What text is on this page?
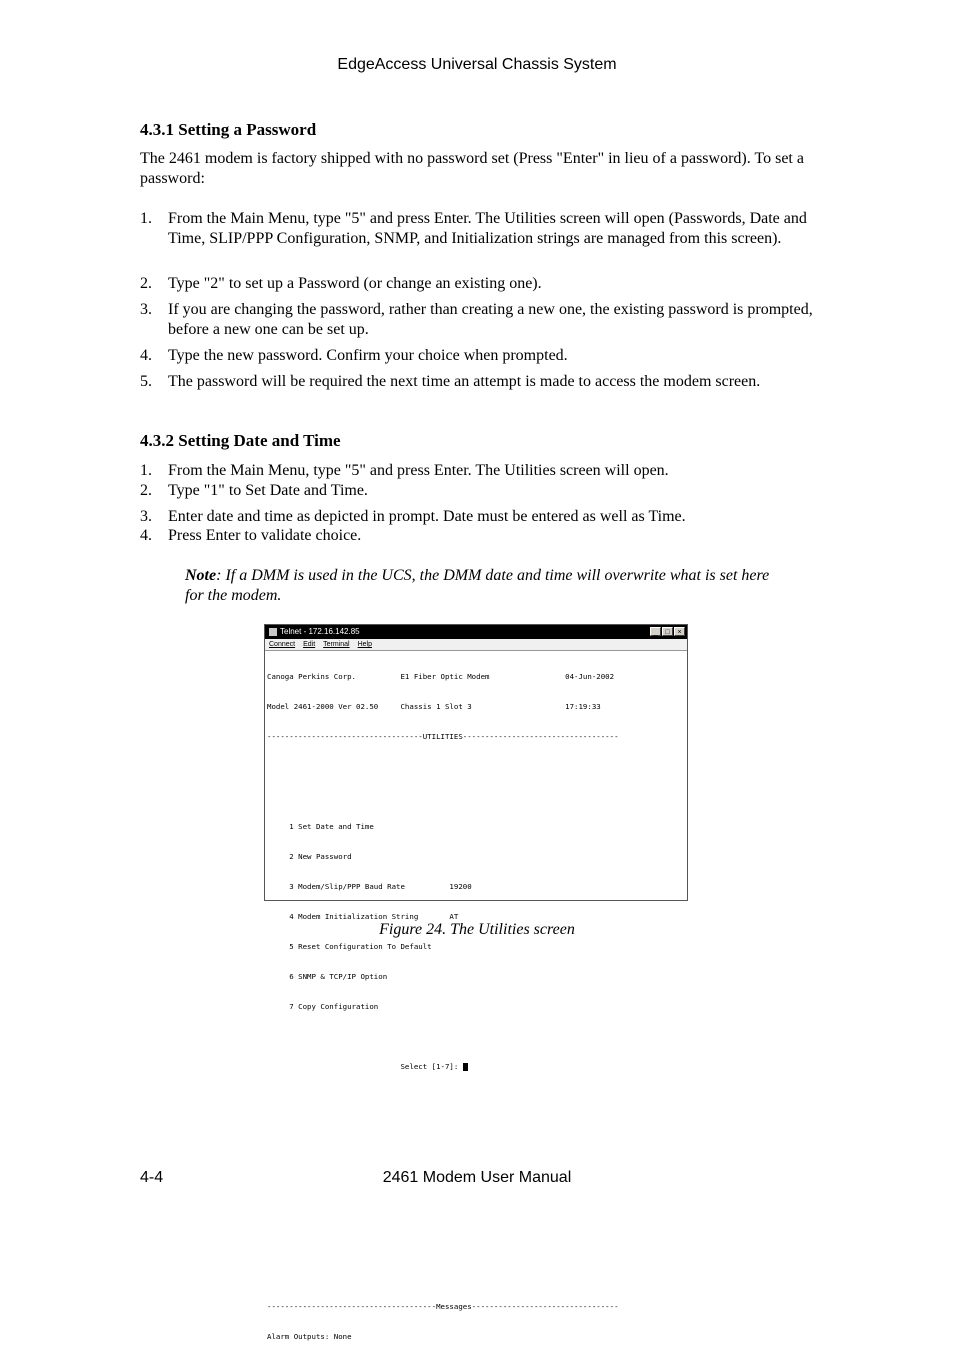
EdgeAccess Universal Chassis System
4.3.1 Setting a Password
The 2461 modem is factory shipped with no password set (Press "Enter" in lieu of a password). To set a password:
1.	From the Main Menu, type "5" and press Enter. The Utilities screen will open (Passwords, Date and Time, SLIP/PPP Configuration, SNMP, and Initialization strings are managed from this screen).
2.	Type "2" to set up a Password (or change an existing one).
3.	If you are changing the password, rather than creating a new one, the existing password is prompted, before a new one can be set up.
4.	Type the new password. Confirm your choice when prompted.
5.	The password will be required the next time an attempt is made to access the modem screen.
4.3.2 Setting Date and Time
1.	From the Main Menu, type "5" and press Enter. The Utilities screen will open.
2.	Type "1" to Set Date and Time.
3.	Enter date and time as depicted in prompt. Date must be entered as well as Time.
4.	Press Enter to validate choice.
Note: If a DMM is used in the UCS, the DMM date and time will overwrite what is set here for the modem.
Telnet - 172.16.142.85	_	□	×
Connect Edit Terminal Help

Canoga Perkins Corp.          E1 Fiber Optic Modem                 04-Jun-2002

Model 2461-2000 Ver 02.50     Chassis 1 Slot 3                     17:19:33

-----------------------------------UTILITIES-----------------------------------

1 Set Date and Time

2 New Password

3 Modem/Slip/PPP Baud Rate          19200

4 Modem Initialization String       AT

5 Reset Configuration To Default

6 SNMP & TCP/IP Option

7 Copy Configuration

Select [1-7]:

--------------------------------------Messages---------------------------------

Alarm Outputs: None

Figure 24. The Utilities screen
4-4	2461 Modem User Manual
